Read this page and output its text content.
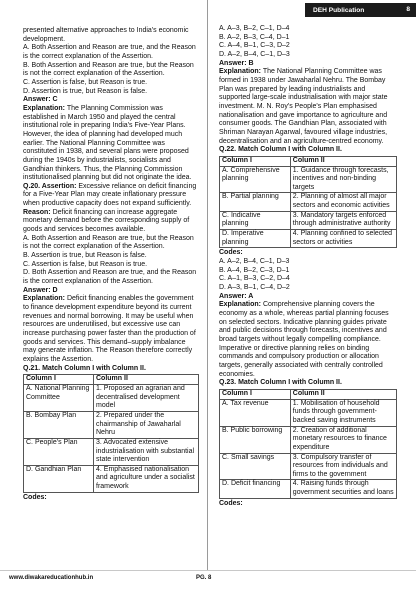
DEH Publication	8

presented alternative approaches to India's economic development.

A. Both Assertion and Reason are true, and the Reason is the correct explanation of the Assertion.

B. Both Assertion and Reason are true, but the Reason is not the correct explanation of the Assertion.

C. Assertion is false, but Reason is true.

D. Assertion is true, but Reason is false.

Answer: C

Explanation: The Planning Commission was established in March 1950 and played the central institutional role in preparing India's Five-Year Plans. However, the idea of planning had developed much earlier. The National Planning Committee was constituted in 1938, and several plans were proposed during the 1940s by industrialists, socialists and Gandhian thinkers. Thus, the Planning Commission institutionalised planning but did not originate the idea.

Q.20. Assertion: Excessive reliance on deficit financing for a Five-Year Plan may create inflationary pressure when productive capacity does not expand sufficiently.

Reason: Deficit financing can increase aggregate monetary demand before the corresponding supply of goods and services becomes available.

A. Both Assertion and Reason are true, but the Reason is not the correct explanation of the Assertion.

B. Assertion is true, but Reason is false.

C. Assertion is false, but Reason is true.

D. Both Assertion and Reason are true, and the Reason is the correct explanation of the Assertion.

Answer: D

Explanation: Deficit financing enables the government to finance development expenditure beyond its current revenues and normal borrowing. It may be useful when resources are underutilised, but excessive use can increase purchasing power faster than the production of goods and services. This demand–supply imbalance may generate inflation. The Reason therefore correctly explains the Assertion.

Q.21. Match Column I with Column II.

Column I	Column II
A. National Planning Committee	1. Proposed an agrarian and decentralised development model
B. Bombay Plan	2. Prepared under the chairmanship of Jawaharlal Nehru
C. People's Plan	3. Advocated extensive industrialisation with substantial state intervention
D. Gandhian Plan	4. Emphasised nationalisation and agriculture under a socialist framework

Codes:

A. A–3, B–2, C–1, D–4

B. A–2, B–3, C–4, D–1

C. A–4, B–1, C–3, D–2

D. A–2, B–4, C–1, D–3

Answer: B

Explanation: The National Planning Committee was formed in 1938 under Jawaharlal Nehru. The Bombay Plan was prepared by leading industrialists and supported large-scale industrialisation with major state investment. M. N. Roy's People's Plan emphasised nationalisation and gave importance to agriculture and consumer goods. The Gandhian Plan, associated with Shriman Narayan Agarwal, favoured village industries, decentralisation and an agriculture-centred economy.

Q.22. Match Column I with Column II.

Column I	Column II
A. Comprehensive planning	1. Guidance through forecasts, incentives and non-binding targets
B. Partial planning	2. Planning of almost all major sectors and economic activities
C. Indicative planning	3. Mandatory targets enforced through administrative authority
D. Imperative planning	4. Planning confined to selected sectors or activities

Codes:

A. A–2, B–4, C–1, D–3

B. A–4, B–2, C–3, D–1

C. A–1, B–3, C–2, D–4

D. A–3, B–1, C–4, D–2

Answer: A

Explanation: Comprehensive planning covers the economy as a whole, whereas partial planning focuses on selected sectors. Indicative planning guides private and public decisions through forecasts, incentives and broad targets without legally compelling compliance. Imperative or directive planning relies on binding commands and compulsory production or allocation targets, generally associated with centrally controlled economies.

Q.23. Match Column I with Column II.

Column I	Column II
A. Tax revenue	1. Mobilisation of household funds through government-backed saving instruments
B. Public borrowing	2. Creation of additional monetary resources to finance expenditure
C. Small savings	3. Compulsory transfer of resources from individuals and firms to the government
D. Deficit financing	4. Raising funds through government securities and loans

Codes:

www.diwakareducationhub.in	PG. 8
